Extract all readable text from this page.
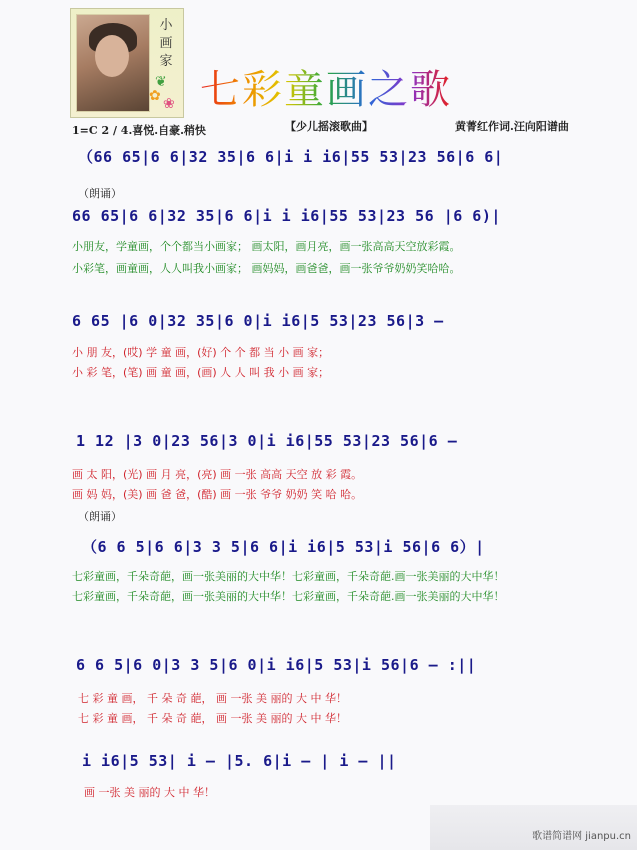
小画家
✿ ❀
❦ 七彩童画之歌
1=C 2 / 4.喜悦.自豪.稍快	【少儿摇滚歌曲】	黄菁红作词.汪向阳谱曲
（66 65|6 6|32 35|6 6|i i i6|55 53|23 56|6 6|
（朗诵）
66 65|6 6|32 35|6 6|i i i6|55 53|23 56 |6 6)|
小朋友，学童画，个个都当小画家； 画太阳，画月亮，画一张高高天空放彩霞。
小彩笔，画童画，人人叫我小画家； 画妈妈，画爸爸，画一张爷爷奶奶笑哈哈。
6 65 |6 0|32 35|6 0|i i6|5 53|23 56|3 —
小 朋 友，(哎) 学 童 画，(好) 个 个 都 当 小 画 家；
小 彩 笔，(笔) 画 童 画，(画) 人 人 叫 我 小 画 家；
1 12 |3 0|23 56|3 0|i i6|55 53|23 56|6 —
画 太 阳，(光) 画 月 亮，(亮) 画 一张 高高 天空 放 彩 霞。
画 妈 妈，(美) 画 爸 爸，(酷) 画 一张 爷爷 奶奶 笑 哈 哈。
（朗诵）
（6 6 5|6 6|3 3 5|6 6|i i6|5 53|i 56|6 6）|
七彩童画，千朵奇葩，画一张美丽的大中华！七彩童画，千朵奇葩.画一张美丽的大中华！
七彩童画，千朵奇葩，画一张美丽的大中华！七彩童画，千朵奇葩.画一张美丽的大中华！
6 6 5|6 0|3 3 5|6 0|i i6|5 53|i 56|6 — :||
七 彩 童 画， 千 朵 奇 葩， 画 一张 美 丽的 大 中 华！
七 彩 童 画， 千 朵 奇 葩， 画 一张 美 丽的 大 中 华！
i i6|5 53| i — |5. 6|i — | i — ||
画 一张 美 丽的 大 中 华！
歌谱简谱网 jianpu.cn
